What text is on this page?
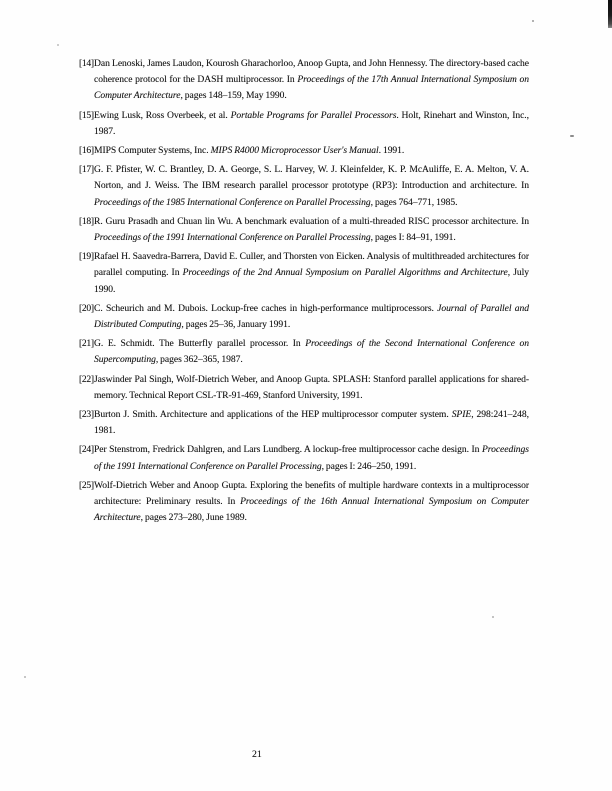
[14] Dan Lenoski, James Laudon, Kourosh Gharachorloo, Anoop Gupta, and John Hennessy. The directory-based cache coherence protocol for the DASH multiprocessor. In Proceedings of the 17th Annual International Symposium on Computer Architecture, pages 148–159, May 1990.
[15] Ewing Lusk, Ross Overbeek, et al. Portable Programs for Parallel Processors. Holt, Rinehart and Winston, Inc., 1987.
[16] MIPS Computer Systems, Inc. MIPS R4000 Microprocessor User's Manual. 1991.
[17] G. F. Pfister, W. C. Brantley, D. A. George, S. L. Harvey, W. J. Kleinfelder, K. P. McAuliffe, E. A. Melton, V. A. Norton, and J. Weiss. The IBM research parallel processor prototype (RP3): Introduction and architecture. In Proceedings of the 1985 International Conference on Parallel Processing, pages 764–771, 1985.
[18] R. Guru Prasadh and Chuan lin Wu. A benchmark evaluation of a multi-threaded RISC processor architecture. In Proceedings of the 1991 International Conference on Parallel Processing, pages I: 84–91, 1991.
[19] Rafael H. Saavedra-Barrera, David E. Culler, and Thorsten von Eicken. Analysis of multithreaded architectures for parallel computing. In Proceedings of the 2nd Annual Symposium on Parallel Algorithms and Architecture, July 1990.
[20] C. Scheurich and M. Dubois. Lockup-free caches in high-performance multiprocessors. Journal of Parallel and Distributed Computing, pages 25–36, January 1991.
[21] G. E. Schmidt. The Butterfly parallel processor. In Proceedings of the Second International Conference on Supercomputing, pages 362–365, 1987.
[22] Jaswinder Pal Singh, Wolf-Dietrich Weber, and Anoop Gupta. SPLASH: Stanford parallel applications for shared-memory. Technical Report CSL-TR-91-469, Stanford University, 1991.
[23] Burton J. Smith. Architecture and applications of the HEP multiprocessor computer system. SPIE, 298:241–248, 1981.
[24] Per Stenstrom, Fredrick Dahlgren, and Lars Lundberg. A lockup-free multiprocessor cache design. In Proceedings of the 1991 International Conference on Parallel Processing, pages I: 246–250, 1991.
[25] Wolf-Dietrich Weber and Anoop Gupta. Exploring the benefits of multiple hardware contexts in a multiprocessor architecture: Preliminary results. In Proceedings of the 16th Annual International Symposium on Computer Architecture, pages 273–280, June 1989.
21
